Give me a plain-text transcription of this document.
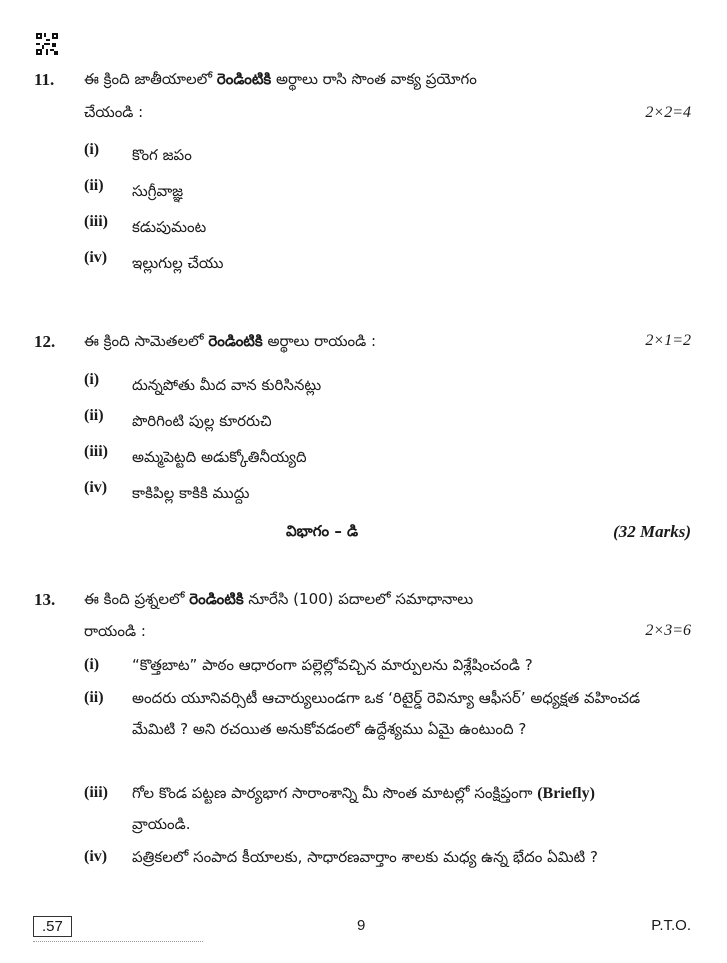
11. ఈ క్రింది జాతీయాలలో రెండింటికి అర్థాలు రాసి సొంత వాక్య ప్రయోగం
చేయండి :	2×2=4
(i)	కొంగ జపం
(ii)	సుగ్రీవాజ్ఞ
(iii)	కడుపుమంట
(iv)	ఇల్లుగుల్ల చేయు
12. ఈ క్రింది సామెతలలో రెండింటికి అర్థాలు రాయండి :	2×1=2
(i)	దున్నపోతు మీద వాన కురిసినట్లు
(ii)	పొరిగింటి పుల్ల కూరరుచి
(iii)	అమ్మపెట్టది అడుక్కోతినీయ్యది
(iv)	కాకిపిల్ల కాకికి ముద్దు
విభాగం – డి	(32 Marks)
13. ఈ కింది ప్రశ్నలలో రెండింటికి నూరేసి (100) పదాలలో సమాధానాలు
రాయండి :	2×3=6
(i)	“కొత్తబాట” పాఠం ఆధారంగా పల్లెల్లోవచ్చిన మార్పులను విశ్లేషించండి ?
(ii)	అందరు యూనివర్సిటీ ఆచార్యులుండగా ఒక ‘రిటైర్డ్ రెవిన్యూ ఆఫీసర్’ అధ్యక్షత వహించడ మేమిటి ? అని రచయిత అనుకోవడంలో ఉద్దేశ్యము ఏమై ఉంటుంది ?
(iii)	గోల కొండ పట్టణ పార్యభాగ సారాంశాన్ని మీ సొంత మాటల్లో సంక్షిప్తంగా (Briefly) వ్రాయండి.
(iv)	పత్రికలలో సంపాద కీయాలకు, సాధారణవార్తాం శాలకు మధ్య ఉన్న భేదం ఏమిటి ?
.57	9	P.T.O.
